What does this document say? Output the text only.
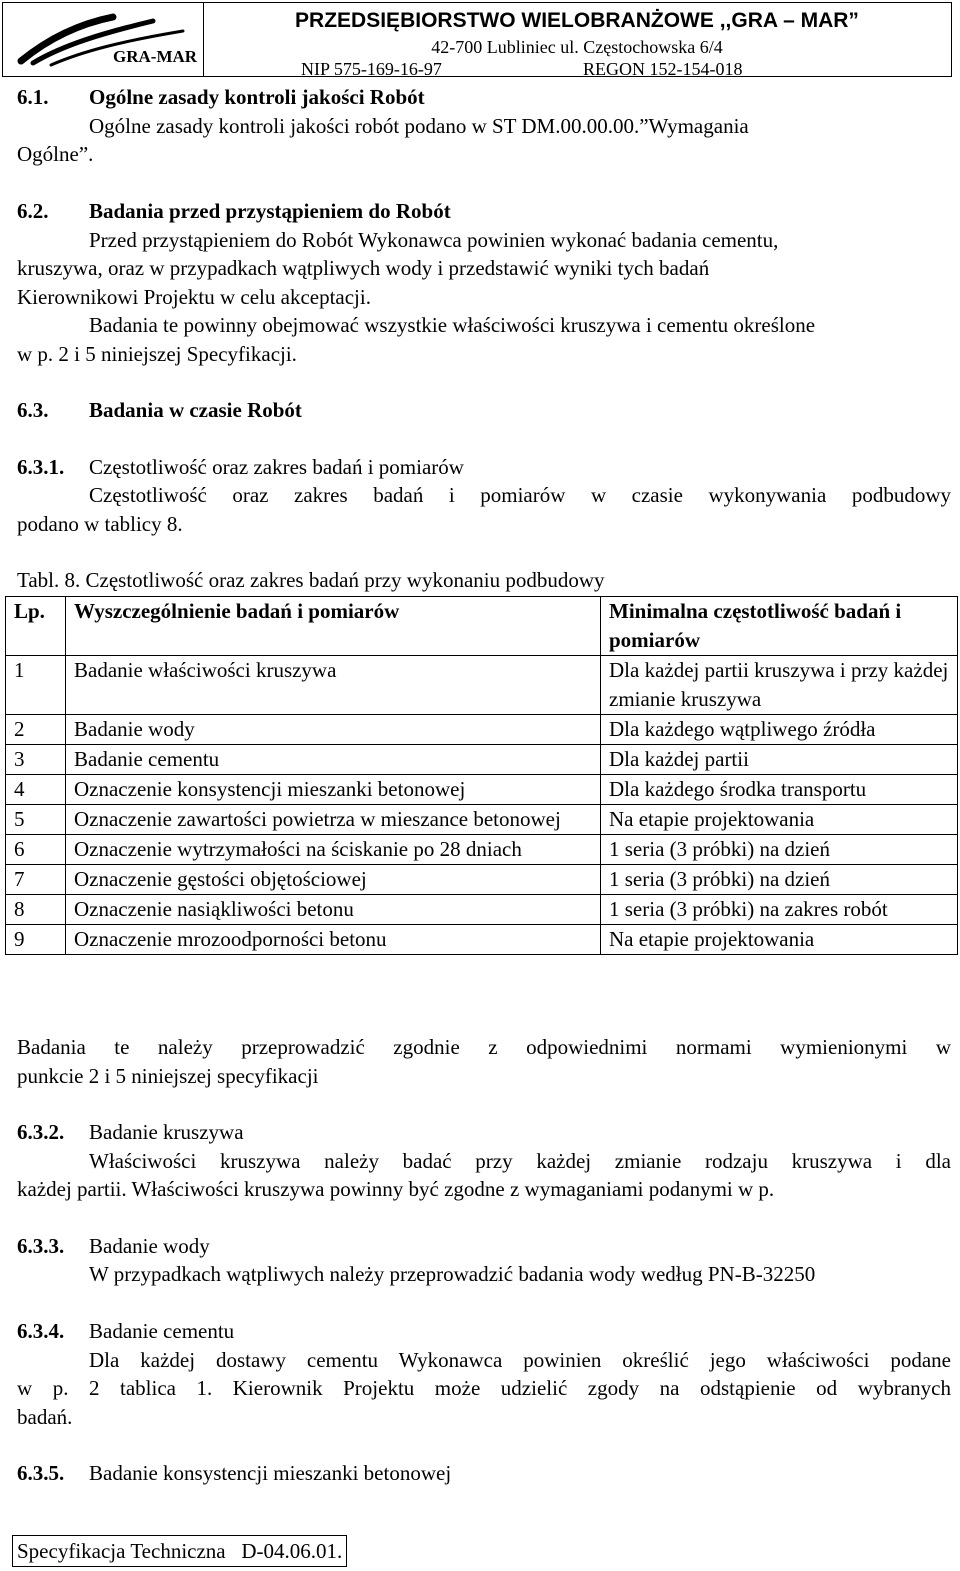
GRA-MAR
PRZEDSIĘBIORSTWO WIELOBRANŻOWE ,,GRA – MAR”
42-700 Lubliniec ul. Częstochowska 6/4
NIP 575-169-16-97	REGON 152-154-018
6.1. Ogólne zasady kontroli jakości Robót
Ogólne zasady kontroli jakości robót podano w ST DM.00.00.00.”Wymagania
Ogólne”.
6.2. Badania przed przystąpieniem do Robót
Przed przystąpieniem do Robót Wykonawca powinien wykonać badania cementu,
kruszywa, oraz w przypadkach wątpliwych wody i przedstawić wyniki tych badań
Kierownikowi Projektu w celu akceptacji.
Badania te powinny obejmować wszystkie właściwości kruszywa i cementu określone
w p. 2 i 5 niniejszej Specyfikacji.
6.3. Badania w czasie Robót
6.3.1. Częstotliwość oraz zakres badań i pomiarów
Częstotliwość oraz zakres badań i pomiarów w czasie wykonywania podbudowy
podano w tablicy 8.
Tabl. 8. Częstotliwość oraz zakres badań przy wykonaniu podbudowy
Lp.	Wyszczególnienie badań i pomiarów	Minimalna częstotliwość badań i pomiarów
1	Badanie właściwości kruszywa	Dla każdej partii kruszywa i przy każdej zmianie kruszywa
2	Badanie wody	Dla każdego wątpliwego źródła
3	Badanie cementu	Dla każdej partii
4	Oznaczenie konsystencji mieszanki betonowej	Dla każdego środka transportu
5	Oznaczenie zawartości powietrza w mieszance betonowej	Na etapie projektowania
6	Oznaczenie wytrzymałości na ściskanie po 28 dniach	1 seria (3 próbki) na dzień
7	Oznaczenie gęstości objętościowej	1 seria (3 próbki) na dzień
8	Oznaczenie nasiąkliwości betonu	1 seria (3 próbki) na zakres robót
9	Oznaczenie mrozoodporności betonu	Na etapie projektowania
Badania te należy przeprowadzić zgodnie z odpowiednimi normami wymienionymi w
punkcie 2 i 5 niniejszej specyfikacji
6.3.2. Badanie kruszywa
Właściwości kruszywa należy badać przy każdej zmianie rodzaju kruszywa i dla
każdej partii. Właściwości kruszywa powinny być zgodne z wymaganiami podanymi w p.
6.3.3. Badanie wody
W przypadkach wątpliwych należy przeprowadzić badania wody według PN-B-32250
6.3.4. Badanie cementu
Dla każdej dostawy cementu Wykonawca powinien określić jego właściwości podane
w p. 2 tablica 1. Kierownik Projektu może udzielić zgody na odstąpienie od wybranych
badań.
6.3.5. Badanie konsystencji mieszanki betonowej
Specyfikacja Techniczna   D-04.06.01.
